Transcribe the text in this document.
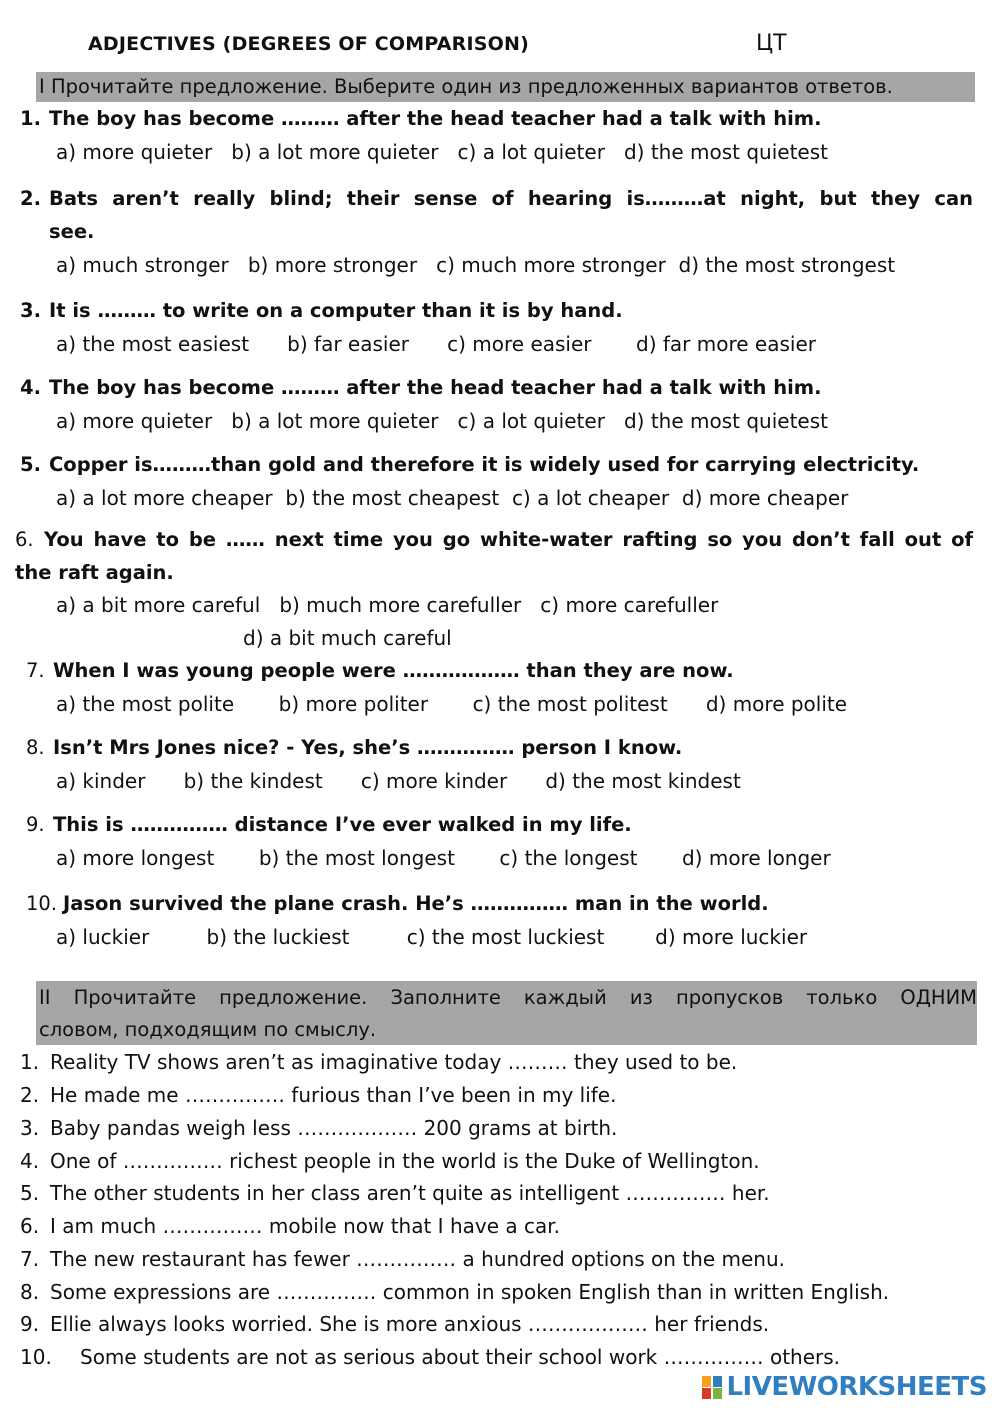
ADJECTIVES (DEGREES OF COMPARISON)	ЦТ
I Прочитайте предложение. Выберите один из предложенных вариантов ответов.
1. The boy has become ……… after the head teacher had a talk with him.
a) more quieter   b) a lot more quieter   c) a lot quieter   d) the most quietest
2. Bats aren’t really blind; their sense of hearing is………at night, but they can
see.
a) much stronger   b) more stronger   c) much more stronger  d) the most strongest
3. It is ……… to write on a computer than it is by hand.
a) the most easiest      b) far easier      c) more easier       d) far more easier
4. The boy has become ……… after the head teacher had a talk with him.
a) more quieter   b) a lot more quieter   c) a lot quieter   d) the most quietest
5. Copper is………than gold and therefore it is widely used for carrying electricity.
a) a lot more cheaper  b) the most cheapest  c) a lot cheaper  d) more cheaper
6. You have to be …… next time you go white-water rafting so you don’t fall out of
the raft again.
a) a bit more careful   b) much more carefuller   c) more carefuller
d) a bit much careful
7. When I was young people were ……………… than they are now.
a) the most polite       b) more politer       c) the most politest      d) more polite
8. Isn’t Mrs Jones nice? - Yes, she’s …………… person I know.
a) kinder      b) the kindest      c) more kinder      d) the most kindest
9. This is …………… distance I’ve ever walked in my life.
a) more longest       b) the most longest       c) the longest       d) more longer
10. Jason survived the plane crash. He’s …………… man in the world.
a) luckier         b) the luckiest         c) the most luckiest        d) more luckier
II Прочитайте предложение. Заполните каждый из пропусков только ОДНИМ
словом, подходящим по смыслу.
1. Reality TV shows aren’t as imaginative today ……… they used to be.
2. He made me …………… furious than I’ve been in my life.
3. Baby pandas weigh less ……………… 200 grams at birth.
4. One of …………… richest people in the world is the Duke of Wellington.
5. The other students in her class aren’t quite as intelligent …………… her.
6. I am much …………… mobile now that I have a car.
7. The new restaurant has fewer …………… a hundred options on the menu.
8. Some expressions are …………… common in spoken English than in written English.
9. Ellie always looks worried. She is more anxious ……………… her friends.
10. Some students are not as serious about their school work …………… others.
LIVEWORKSHEETS
